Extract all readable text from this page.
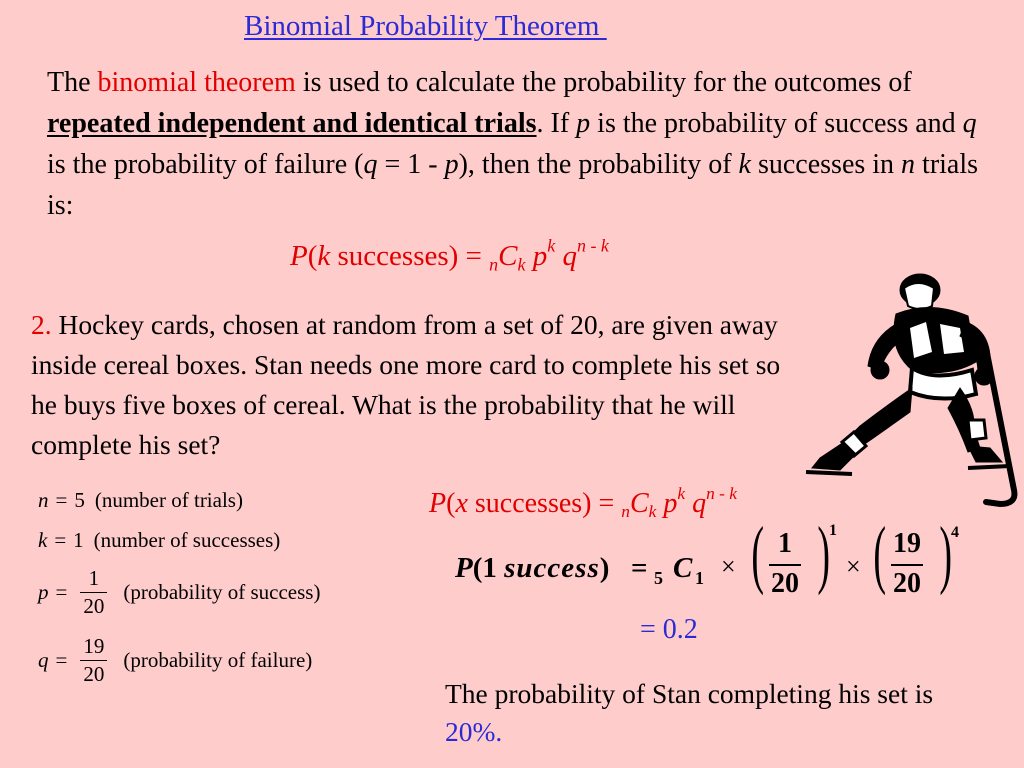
Binomial Probability Theorem
The binomial theorem is used to calculate the probability for the outcomes of repeated independent and identical trials. If p is the probability of success and q is the probability of failure (q = 1 - p), then the probability of k successes in n trials is:
P(k successes) = $_nC_k$ $p^k$ $q^{n - k}$
2. Hockey cards, chosen at random from a set of 20, are given away inside cereal boxes. Stan needs one more card to complete his set so he buys five boxes of cereal. What is the probability that he will complete his set?
n = 5 (number of trials)
k = 1 (number of successes)
$p = \frac{1}{20}$ (probability of success)
$q = \frac{19}{20}$ (probability of failure)
P(x successes) = $_nC_k$ $p^k$ $q^{n - k}$
P(1 success) = 5 C 1 × ( $\frac{1}{20}$ ) 1
× ( $\frac{19}{20}$ ) 4
= 0.2
The probability of Stan completing his set is 20%.
